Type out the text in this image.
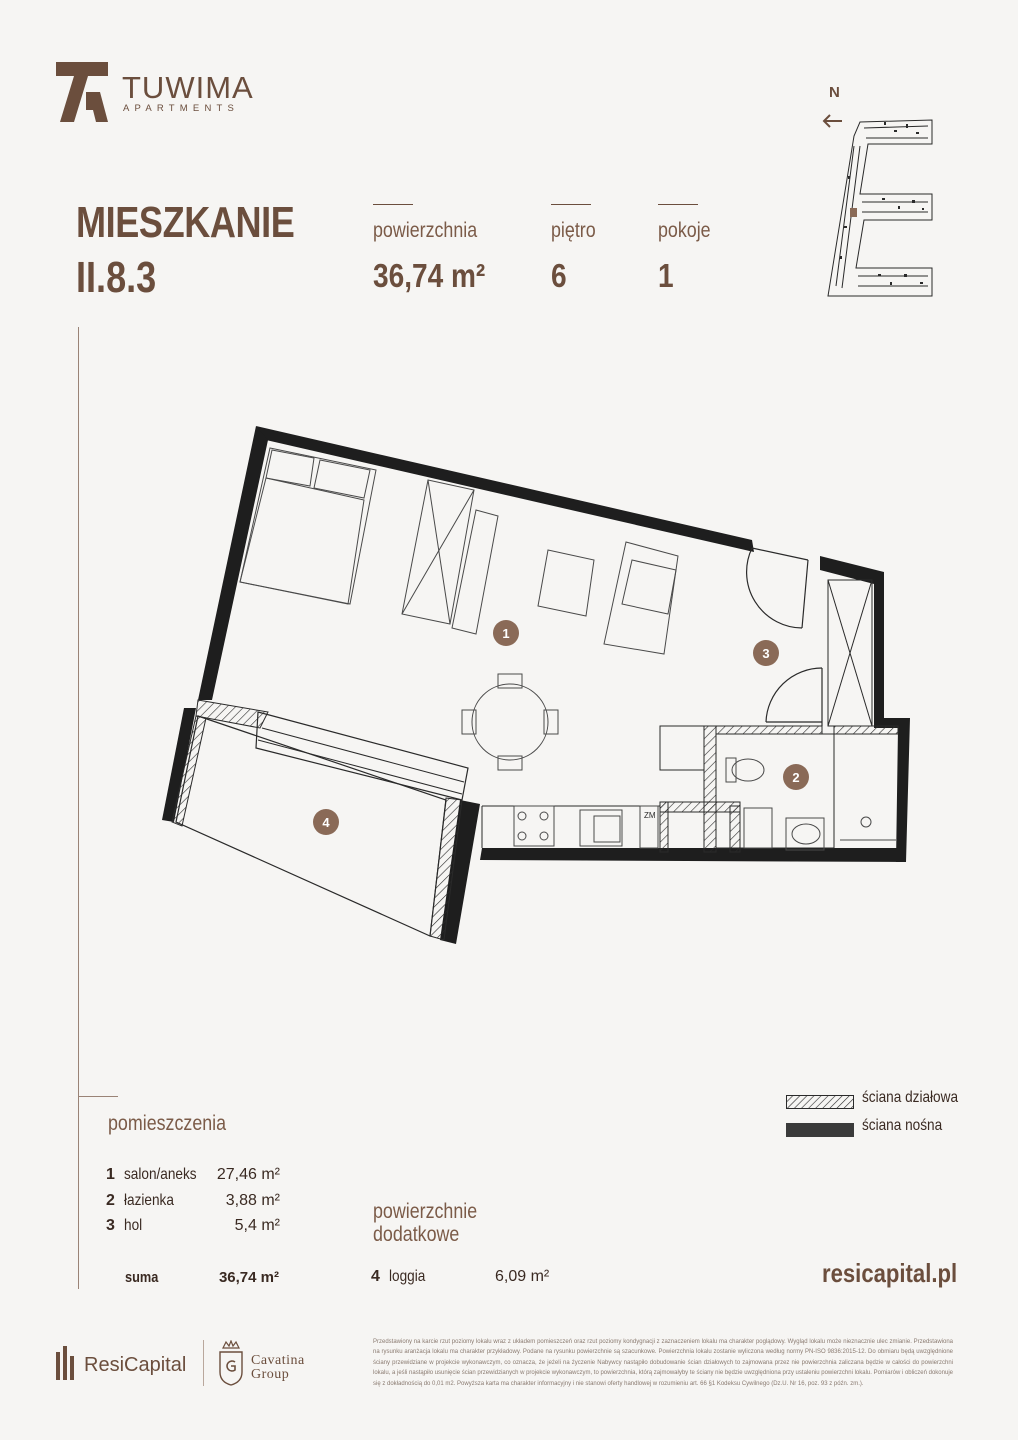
TUWIMA
APARTMENTS
MIESZKANIE
II.8.3
powierzchnia
36,74 m²
piętro
6
pokoje
1
N
ZM
1
3
2
4
ściana działowa
ściana nośna
pomieszczenia
1 salon/aneks 27,46 m²
2 łazienka	3,88 m²
3 hol	5,4 m²
suma	36,74 m²
powierzchnie
dodatkowe
4 loggia	6,09 m²	resicapital.pl
ResiCapital	Cavatina
Group
Przedstawiony na karcie rzut poziomy lokalu wraz z układem pomieszczeń oraz rzut poziomy kondygnacji z zaznaczeniem lokalu ma charakter poglądowy. Wygląd lokalu może nieznacznie ulec zmianie. Przedstawiona na rysunku aranżacja lokalu ma charakter przykładowy. Podane na rysunku powierzchnie są szacunkowe. Powierzchnia lokalu zostanie wyliczona według normy PN-ISO 9836:2015-12. Do obmiaru będą uwzględnione ściany przewidziane w projekcie wykonawczym, co oznacza, że jeżeli na życzenie Nabywcy nastąpiło dobudowanie ścian działowych to zajmowana przez nie powierzchnia zaliczana będzie w całości do powierzchni lokalu, a jeśli nastąpiło usunięcie ścian przewidzianych w projekcie wykonawczym, to powierzchnia, którą zajmowałyby te ściany nie będzie uwzględniona przy ustaleniu powierzchni lokalu. Pomiarów i obliczeń dokonuje się z dokładnością do 0,01 m2. Powyższa karta ma charakter informacyjny i nie stanowi oferty handlowej w rozumieniu art. 66 §1 Kodeksu Cywilnego (Dz.U. Nr 16, poz. 93 z późn. zm.).
